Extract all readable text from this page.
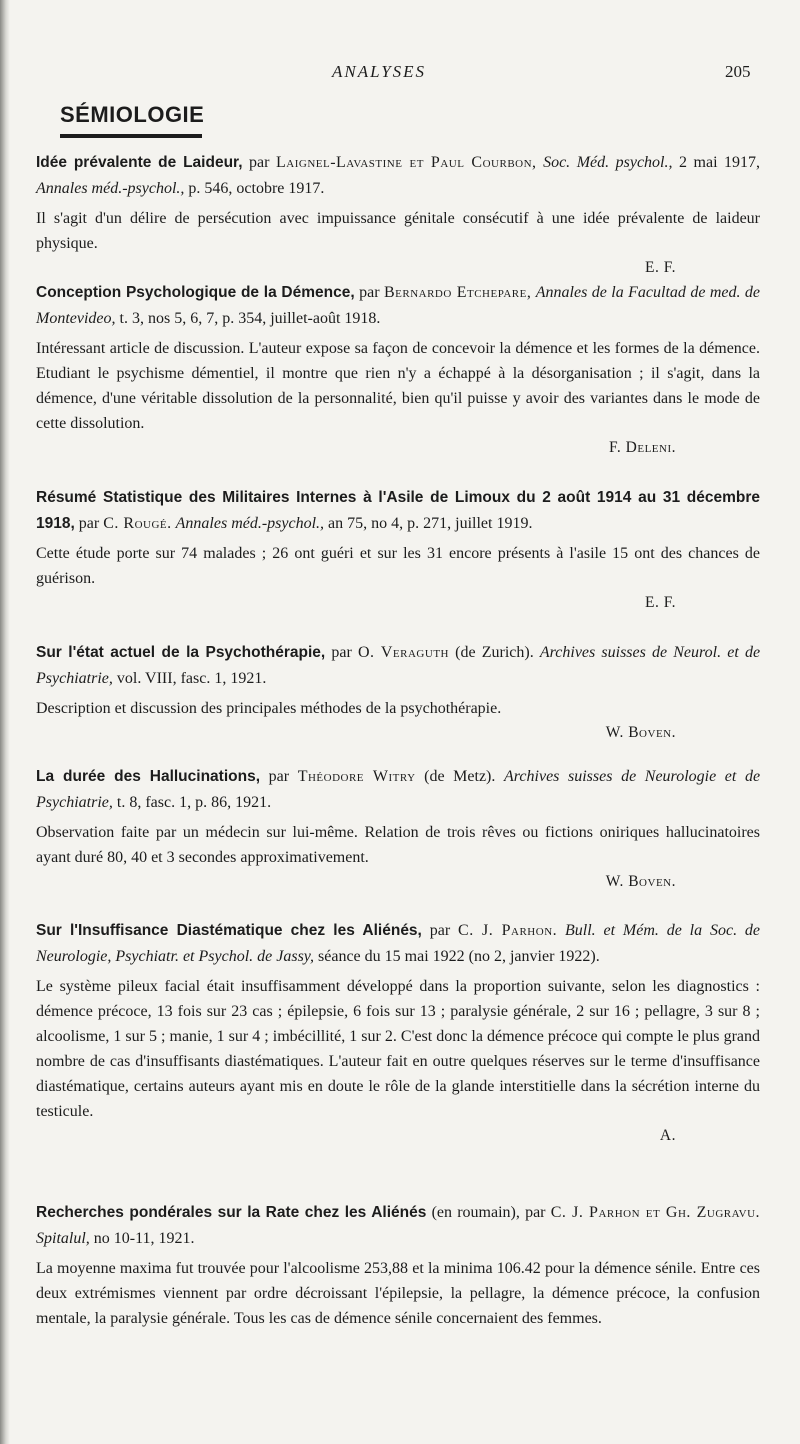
ANALYSES	205
SÉMIOLOGIE
Idée prévalente de Laideur, par Laignel-Lavastine et Paul Courbon, Soc. Méd. psychol., 2 mai 1917, Annales méd.-psychol., p. 546, octobre 1917.
Il s'agit d'un délire de persécution avec impuissance génitale consécutif à une idée prévalente de laideur physique.
E. F.
Conception Psychologique de la Démence, par Bernardo Etchepare, Annales de la Facultad de med. de Montevideo, t. 3, nos 5, 6, 7, p. 354, juillet-août 1918.
Intéressant article de discussion. L'auteur expose sa façon de concevoir la démence et les formes de la démence. Etudiant le psychisme démentiel, il montre que rien n'y a échappé à la désorganisation ; il s'agit, dans la démence, d'une véritable dissolution de la personnalité, bien qu'il puisse y avoir des variantes dans le mode de cette dissolution.
F. Deleni.
Résumé Statistique des Militaires Internes à l'Asile de Limoux du 2 août 1914 au 31 décembre 1918, par C. Rougé. Annales méd.-psychol., an 75, no 4, p. 271, juillet 1919.
Cette étude porte sur 74 malades ; 26 ont guéri et sur les 31 encore présents à l'asile 15 ont des chances de guérison.
E. F.
Sur l'état actuel de la Psychothérapie, par O. Veraguth (de Zurich). Archives suisses de Neurol. et de Psychiatrie, vol. VIII, fasc. 1, 1921.
Description et discussion des principales méthodes de la psychothérapie.
W. Boven.
La durée des Hallucinations, par Théodore Witry (de Metz). Archives suisses de Neurologie et de Psychiatrie, t. 8, fasc. 1, p. 86, 1921.
Observation faite par un médecin sur lui-même. Relation de trois rêves ou fictions oniriques hallucinatoires ayant duré 80, 40 et 3 secondes approximativement.
W. Boven.
Sur l'Insuffisance Diastématique chez les Aliénés, par C. J. Parhon. Bull. et Mém. de la Soc. de Neurologie, Psychiatr. et Psychol. de Jassy, séance du 15 mai 1922 (no 2, janvier 1922).
Le système pileux facial était insuffisamment développé dans la proportion suivante, selon les diagnostics : démence précoce, 13 fois sur 23 cas ; épilepsie, 6 fois sur 13 ; paralysie générale, 2 sur 16 ; pellagre, 3 sur 8 ; alcoolisme, 1 sur 5 ; manie, 1 sur 4 ; imbécillité, 1 sur 2. C'est donc la démence précoce qui compte le plus grand nombre de cas d'insuffisants diastématiques. L'auteur fait en outre quelques réserves sur le terme d'insuffisance diastématique, certains auteurs ayant mis en doute le rôle de la glande interstitielle dans la sécrétion interne du testicule.
A.
Recherches pondérales sur la Rate chez les Aliénés (en roumain), par C. J. Parhon et Gh. Zugravu. Spitalul, no 10-11, 1921.
La moyenne maxima fut trouvée pour l'alcoolisme 253,88 et la minima 106.42 pour la démence sénile. Entre ces deux extrémismes viennent par ordre décroissant l'épilepsie, la pellagre, la démence précoce, la confusion mentale, la paralysie générale. Tous les cas de démence sénile concernaient des femmes.
